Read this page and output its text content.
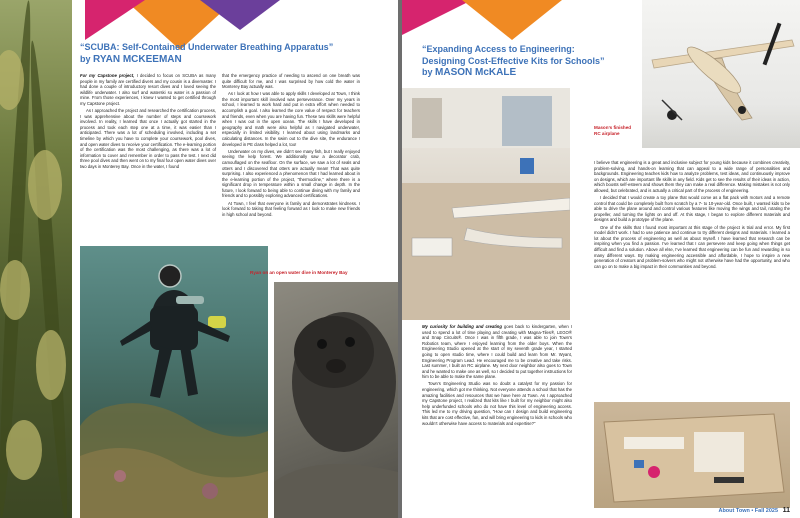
“SCUBA: Self-Contained Underwater Breathing Apparatus”
by RYAN MCKEEMAN

For my Capstone project, I decided to focus on SCUBA as many people in my family are certified divers and my cousin is a divemaster. I had done a couple of introductory resort dives and I loved seeing the wildlife underwater. I also surf and waterski so water is a passion of mine. From those experiences, I knew I wanted to get certified through my Capstone project.

As I approached the project and researched the certification process, I was apprehensive about the number of steps and coursework involved. In reality, I learned that once I actually got started in the process and took each step one at a time, it was easier than I anticipated. There was a lot of scheduling involved, including a set timeline by which you have to complete your coursework, pool dives, and open water dives to receive your certification. The e-learning portion of the certification was the most challenging, as there was a lot of information to cover and remember in order to pass the test. I next did three pool dives and then went on to my final four open water dives over two days in Monterey Bay. Once in the water, I found

that the emergency practice of needing to ascend on one breath was quite difficult for me, and I was surprised by how cold the water in Monterey Bay actually was.

As I look at how I was able to apply skills I developed at Town, I think the most important skill involved was perseverance. Over my years in school, I learned to work hard and put in extra effort when needed to accomplish a goal. I also learned the core value of respect for teachers and friends, even when you are having fun. These two skills were helpful when I was out in the open ocean. The skills I have developed in geography and math were also helpful as I navigated underwater, especially in limited visibility. I learned about using landmarks and calculating distances. In the swim out to the dive site, the endurance I developed in PE class helped a lot, too!

Underwater on my dives, we didn’t see many fish, but I really enjoyed seeing the kelp forest. We additionally saw a decorator crab, camouflaged on the seafloor. On the surface, we saw a lot of seals and otters and I discovered that otters are actually mean! That was quite surprising. I also experienced a phenomenon that I had learned about in the e-learning portion of the project, “thermocline,” where there is a significant drop in temperature within a small change in depth. In the future, I look forward to being able to continue diving with my family and friends and to possibly exploring advanced certifications.

At Town, I feel that everyone is family and demonstrates kindness. I look forward to taking that feeling forward as I look to make new friends in high school and beyond.

Ryan on an open water dive in Monterey Bay
“Expanding Access to Engineering:
Designing Cost-Effective Kits for Schools”
by MASON McKALE
Mason’s finished
RC airplane

My curiosity for building and creating goes back to kindergarten, when I used to spend a lot of time playing and creating with Magna-Tiles®, LEGO® and Snap Circuits®. Once I was in fifth grade, I was able to join Town’s Robotics team, where I enjoyed learning from the older boys. When the Engineering Studio opened at the start of my seventh grade year, I started going to open studio time, where I could build and learn from Mr. Wyant, Engineering Program Lead. He encouraged me to be creative and take risks. Last summer, I built an RC airplane. My next door neighbor also goes to Town and he wanted to make one as well, so I decided to put together instructions for him to be able to make the same plane.

Town’s Engineering Studio was no doubt a catalyst for my passion for engineering, which got me thinking. Not everyone attends a school that has the amazing facilities and resources that we have here at Town. As I approached my Capstone project, I realized that kits like I built for my neighbor might also help underfunded schools who do not have this level of engineering access. This led me to my driving question, “How can I design and build engineering kits that are cost effective, fun, and will bring engineering to kids in schools who wouldn’t otherwise have access to materials and expertise?”

I believe that engineering is a great and inclusive subject for young kids because it combines creativity, problem-solving, and hands-on learning that can appeal to a wide range of personalities and backgrounds. Engineering teaches kids how to analyze problems, test ideas, and continuously improve on designs, which are important life skills in any field. Kids get to see the results of their ideas in action, which boosts self-esteem and shows them they can make a real difference. Making mistakes is not only allowed, but celebrated, and is actually a critical part of the process of engineering.

I decided that I would create a toy plane that would come as a flat pack with motors and a remote control that could be completely built from scratch by a 7- to 10-year-old. Once built, I wanted kids to be able to drive the plane around and control various features like moving the wings and tail, rotating the propeller, and turning the lights on and off. At this stage, I began to explore different materials and designs and build a prototype of the plane.

One of the skills that I found most important at this stage of the project is trial and error. My first model didn’t work. I had to use patience and continue to try different designs and materials. I learned a lot about the process of engineering as well as about myself. I have learned that research can be inspiring when you find a passion. I’ve learned that I can persevere and keep going when things get difficult and find a solution. Above all else, I’ve learned that engineering can be fun and rewarding in so many different ways. By making engineering accessible and affordable, I hope to inspire a new generation of creators and problem-solvers who might not otherwise have had the opportunity, and who can go on to make a big impact in their communities and beyond.

About Town • Fall 2025 11
